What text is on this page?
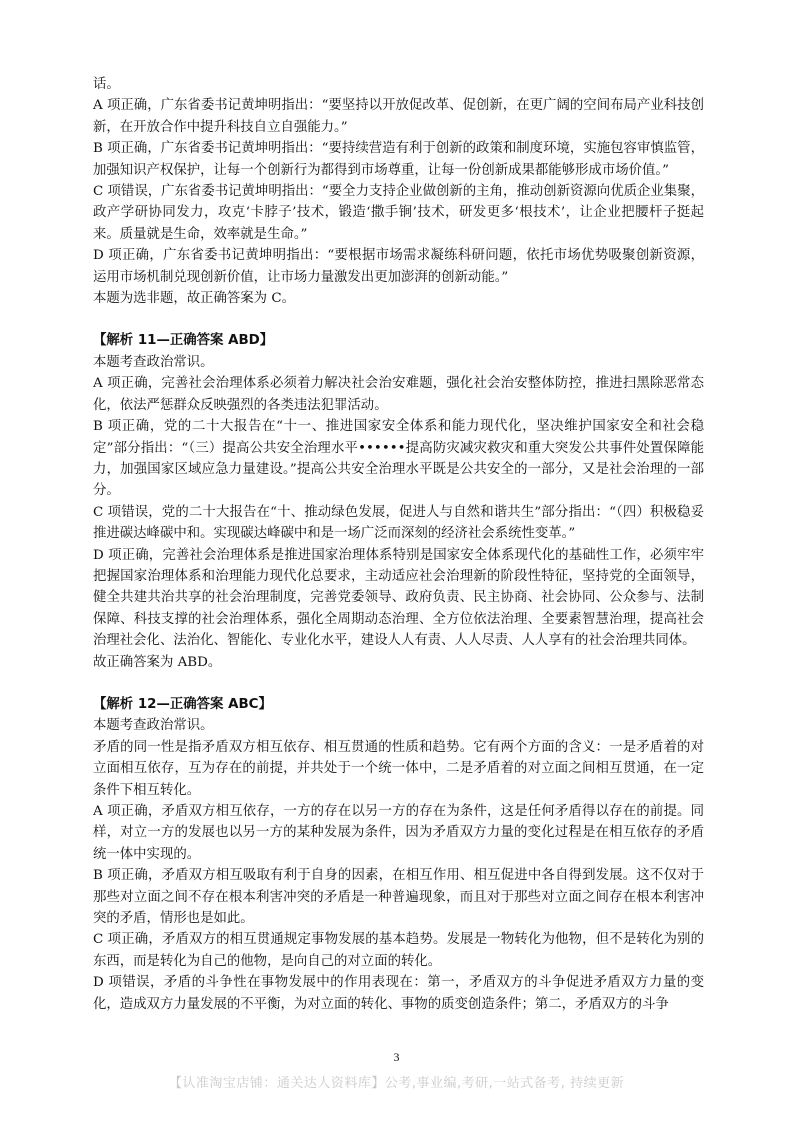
话。

A 项正确，广东省委书记黄坤明指出：“要坚持以开放促改革、促创新，在更广阔的空间布局产业科技创新，在开放合作中提升科技自立自强能力。”

B 项正确，广东省委书记黄坤明指出：“要持续营造有利于创新的政策和制度环境，实施包容审慎监管，加强知识产权保护，让每一个创新行为都得到市场尊重，让每一份创新成果都能够形成市场价值。”

C 项错误，广东省委书记黄坤明指出：“要全力支持企业做创新的主角，推动创新资源向优质企业集聚，政产学研协同发力，攻克‘卡脖子’技术，锻造‘撒手锏’技术，研发更多‘根技术’，让企业把腰杆子挺起来。质量就是生命，效率就是生命。”

D 项正确，广东省委书记黄坤明指出：“要根据市场需求凝练科研问题，依托市场优势吸聚创新资源，运用市场机制兑现创新价值，让市场力量激发出更加澎湃的创新动能。”

本题为选非题，故正确答案为 C。

【解析 11—正确答案 ABD】

本题考查政治常识。

A 项正确，完善社会治理体系必须着力解决社会治安难题，强化社会治安整体防控，推进扫黑除恶常态化，依法严惩群众反映强烈的各类违法犯罪活动。

B 项正确，党的二十大报告在“十一、推进国家安全体系和能力现代化，坚决维护国家安全和社会稳定”部分指出：“（三）提高公共安全治理水平••••••提高防灾减灾救灾和重大突发公共事件处置保障能力，加强国家区域应急力量建设。”提高公共安全治理水平既是公共安全的一部分，又是社会治理的一部分。

C 项错误，党的二十大报告在“十、推动绿色发展，促进人与自然和谐共生”部分指出：“（四）积极稳妥推进碳达峰碳中和。实现碳达峰碳中和是一场广泛而深刻的经济社会系统性变革。”

D 项正确，完善社会治理体系是推进国家治理体系特别是国家安全体系现代化的基础性工作，必须牢牢把握国家治理体系和治理能力现代化总要求，主动适应社会治理新的阶段性特征，坚持党的全面领导，健全共建共治共享的社会治理制度，完善党委领导、政府负责、民主协商、社会协同、公众参与、法制保障、科技支撑的社会治理体系，强化全周期动态治理、全方位依法治理、全要素智慧治理，提高社会治理社会化、法治化、智能化、专业化水平，建设人人有责、人人尽责、人人享有的社会治理共同体。

故正确答案为 ABD。

【解析 12—正确答案 ABC】

本题考查政治常识。

矛盾的同一性是指矛盾双方相互依存、相互贯通的性质和趋势。它有两个方面的含义：一是矛盾着的对立面相互依存，互为存在的前提，并共处于一个统一体中，二是矛盾着的对立面之间相互贯通，在一定条件下相互转化。

A 项正确，矛盾双方相互依存，一方的存在以另一方的存在为条件，这是任何矛盾得以存在的前提。同样，对立一方的发展也以另一方的某种发展为条件，因为矛盾双方力量的变化过程是在相互依存的矛盾统一体中实现的。

B 项正确，矛盾双方相互吸取有利于自身的因素，在相互作用、相互促进中各自得到发展。这不仅对于那些对立面之间不存在根本利害冲突的矛盾是一种普遍现象，而且对于那些对立面之间存在根本利害冲突的矛盾，情形也是如此。

C 项正确，矛盾双方的相互贯通规定事物发展的基本趋势。发展是一物转化为他物，但不是转化为别的东西，而是转化为自己的他物，是向自己的对立面的转化。

D 项错误，矛盾的斗争性在事物发展中的作用表现在：第一，矛盾双方的斗争促进矛盾双方力量的变化，造成双方力量发展的不平衡，为对立面的转化、事物的质变创造条件；第二，矛盾双方的斗争

3
【认准淘宝店铺：通关达人资料库】公考,事业编,考研,一站式备考, 持续更新
